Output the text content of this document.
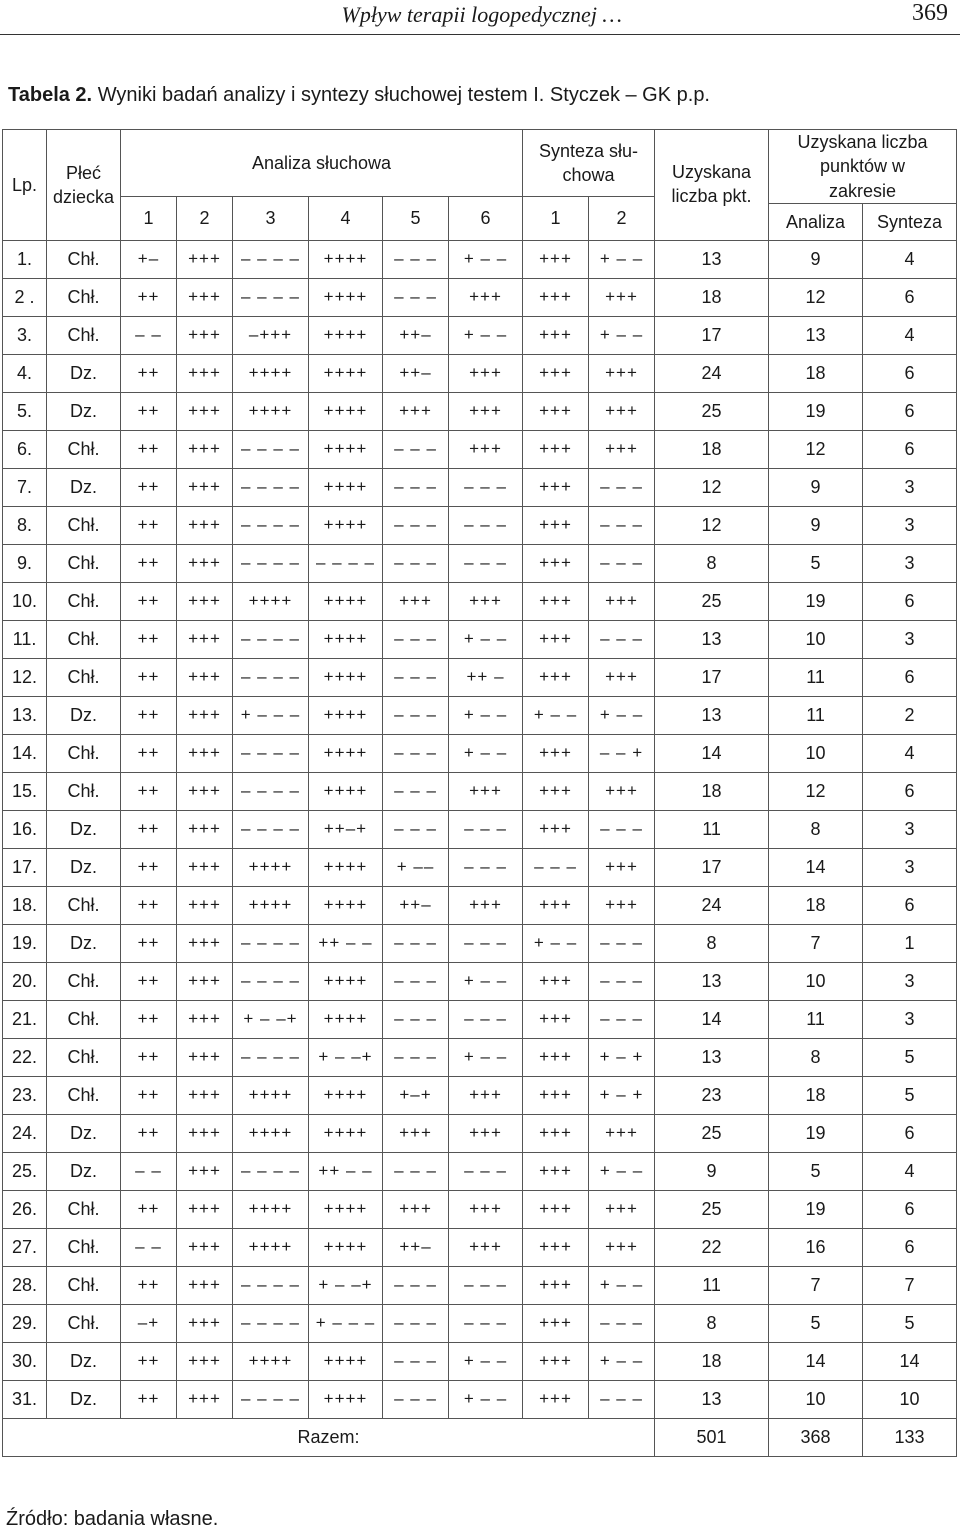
Wpływ terapii logopedycznej …	369
Tabela 2. Wyniki badań analizy i syntezy słuchowej testem I. Styczek – GK p.p.
Lp.	Płeć dziecka	Analiza słuchowa						Synteza słu-chowa		Uzyskana liczba pkt.	Uzyskana liczba punktów w zakresie	
		1	2	3	4	5	6	1	2			
											Analiza	Synteza
1.	Chł.	+–	+++	– – – –	++++	– – –	+ – –	+++	+ – –	13	9	4
2 .	Chł.	++	+++	– – – –	++++	– – –	+++	+++	+++	18	12	6
3.	Chł.	– –	+++	–+++	++++	++–	+ – –	+++	+ – –	17	13	4
4.	Dz.	++	+++	++++	++++	++–	+++	+++	+++	24	18	6
5.	Dz.	++	+++	++++	++++	+++	+++	+++	+++	25	19	6
6.	Chł.	++	+++	– – – –	++++	– – –	+++	+++	+++	18	12	6
7.	Dz.	++	+++	– – – –	++++	– – –	– – –	+++	– – –	12	9	3
8.	Chł.	++	+++	– – – –	++++	– – –	– – –	+++	– – –	12	9	3
9.	Chł.	++	+++	– – – –	– – – –	– – –	– – –	+++	– – –	8	5	3
10.	Chł.	++	+++	++++	++++	+++	+++	+++	+++	25	19	6
11.	Chł.	++	+++	– – – –	++++	– – –	+ – –	+++	– – –	13	10	3
12.	Chł.	++	+++	– – – –	++++	– – –	++ –	+++	+++	17	11	6
13.	Dz.	++	+++	+ – – –	++++	– – –	+ – –	+ – –	+ – –	13	11	2
14.	Chł.	++	+++	– – – –	++++	– – –	+ – –	+++	– – +	14	10	4
15.	Chł.	++	+++	– – – –	++++	– – –	+++	+++	+++	18	12	6
16.	Dz.	++	+++	– – – –	++–+	– – –	– – –	+++	– – –	11	8	3
17.	Dz.	++	+++	++++	++++	+ ––	– – –	– – –	+++	17	14	3
18.	Chł.	++	+++	++++	++++	++–	+++	+++	+++	24	18	6
19.	Dz.	++	+++	– – – –	++ – –	– – –	– – –	+ – –	– – –	8	7	1
20.	Chł.	++	+++	– – – –	++++	– – –	+ – –	+++	– – –	13	10	3
21.	Chł.	++	+++	+ – –+	++++	– – –	– – –	+++	– – –	14	11	3
22.	Chł.	++	+++	– – – –	+ – –+	– – –	+ – –	+++	+ – +	13	8	5
23.	Chł.	++	+++	++++	++++	+–+	+++	+++	+ – +	23	18	5
24.	Dz.	++	+++	++++	++++	+++	+++	+++	+++	25	19	6
25.	Dz.	– –	+++	– – – –	++ – –	– – –	– – –	+++	+ – –	9	5	4
26.	Chł.	++	+++	++++	++++	+++	+++	+++	+++	25	19	6
27.	Chł.	– –	+++	++++	++++	++–	+++	+++	+++	22	16	6
28.	Chł.	++	+++	– – – –	+ – –+	– – –	– – –	+++	+ – –	11	7	7
29.	Chł.	–+	+++	– – – –	+ – – –	– – –	– – –	+++	– – –	8	5	5
30.	Dz.	++	+++	++++	++++	– – –	+ – –	+++	+ – –	18	14	14
31.	Dz.	++	+++	– – – –	++++	– – –	+ – –	+++	– – –	13	10	10
Razem:										501	368	133
Źródło: badania własne.
